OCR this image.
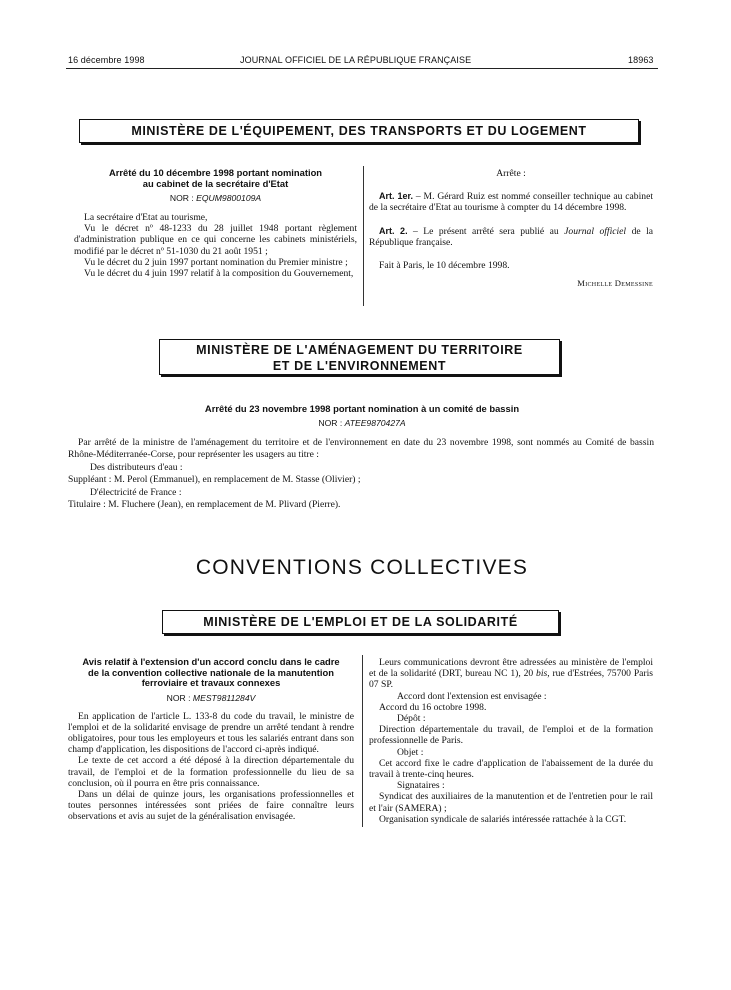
16 décembre 1998	JOURNAL OFFICIEL DE LA RÉPUBLIQUE FRANÇAISE	18963
MINISTÈRE DE L'ÉQUIPEMENT, DES TRANSPORTS ET DU LOGEMENT
Arrêté du 10 décembre 1998 portant nomination
au cabinet de la secrétaire d'Etat
NOR : EQUM9800109A

La secrétaire d'Etat au tourisme,

Vu le décret nº 48-1233 du 28 juillet 1948 portant règlement d'administration publique en ce qui concerne les cabinets ministériels, modifié par le décret nº 51-1030 du 21 août 1951 ;

Vu le décret du 2 juin 1997 portant nomination du Premier ministre ;

Vu le décret du 4 juin 1997 relatif à la composition du Gouvernement,

Arrête :

Art. 1er. – M. Gérard Ruiz est nommé conseiller technique au cabinet de la secrétaire d'Etat au tourisme à compter du 14 décembre 1998.

Art. 2. – Le présent arrêté sera publié au Journal officiel de la République française.

Fait à Paris, le 10 décembre 1998.

Michelle Demessine
MINISTÈRE DE L'AMÉNAGEMENT DU TERRITOIRE
ET DE L'ENVIRONNEMENT
Arrêté du 23 novembre 1998 portant nomination à un comité de bassin
NOR : ATEE9870427A

Par arrêté de la ministre de l'aménagement du territoire et de l'environnement en date du 23 novembre 1998, sont nommés au Comité de bassin Rhône-Méditerranée-Corse, pour représenter les usagers au titre :

Des distributeurs d'eau :

Suppléant : M. Perol (Emmanuel), en remplacement de M. Stasse (Olivier) ;

D'électricité de France :

Titulaire : M. Fluchere (Jean), en remplacement de M. Plivard (Pierre).

CONVENTIONS COLLECTIVES
MINISTÈRE DE L'EMPLOI ET DE LA SOLIDARITÉ
Avis relatif à l'extension d'un accord conclu dans le cadre
de la convention collective nationale de la manutention
ferroviaire et travaux connexes
NOR : MEST9811284V

En application de l'article L. 133-8 du code du travail, le ministre de l'emploi et de la solidarité envisage de prendre un arrêté tendant à rendre obligatoires, pour tous les employeurs et tous les salariés entrant dans son champ d'application, les dispositions de l'accord ci-après indiqué.

Le texte de cet accord a été déposé à la direction départementale du travail, de l'emploi et de la formation professionnelle du lieu de sa conclusion, où il pourra en être pris connaissance.

Dans un délai de quinze jours, les organisations professionnelles et toutes personnes intéressées sont priées de faire connaître leurs observations et avis au sujet de la généralisation envisagée.

Leurs communications devront être adressées au ministère de l'emploi et de la solidarité (DRT, bureau NC 1), 20 bis, rue d'Estrées, 75700 Paris 07 SP.

Accord dont l'extension est envisagée :

Accord du 16 octobre 1998.

Dépôt :

Direction départementale du travail, de l'emploi et de la formation professionnelle de Paris.

Objet :

Cet accord fixe le cadre d'application de l'abaissement de la durée du travail à trente-cinq heures.

Signataires :

Syndicat des auxiliaires de la manutention et de l'entretien pour le rail et l'air (SAMERA) ;

Organisation syndicale de salariés intéressée rattachée à la CGT.
